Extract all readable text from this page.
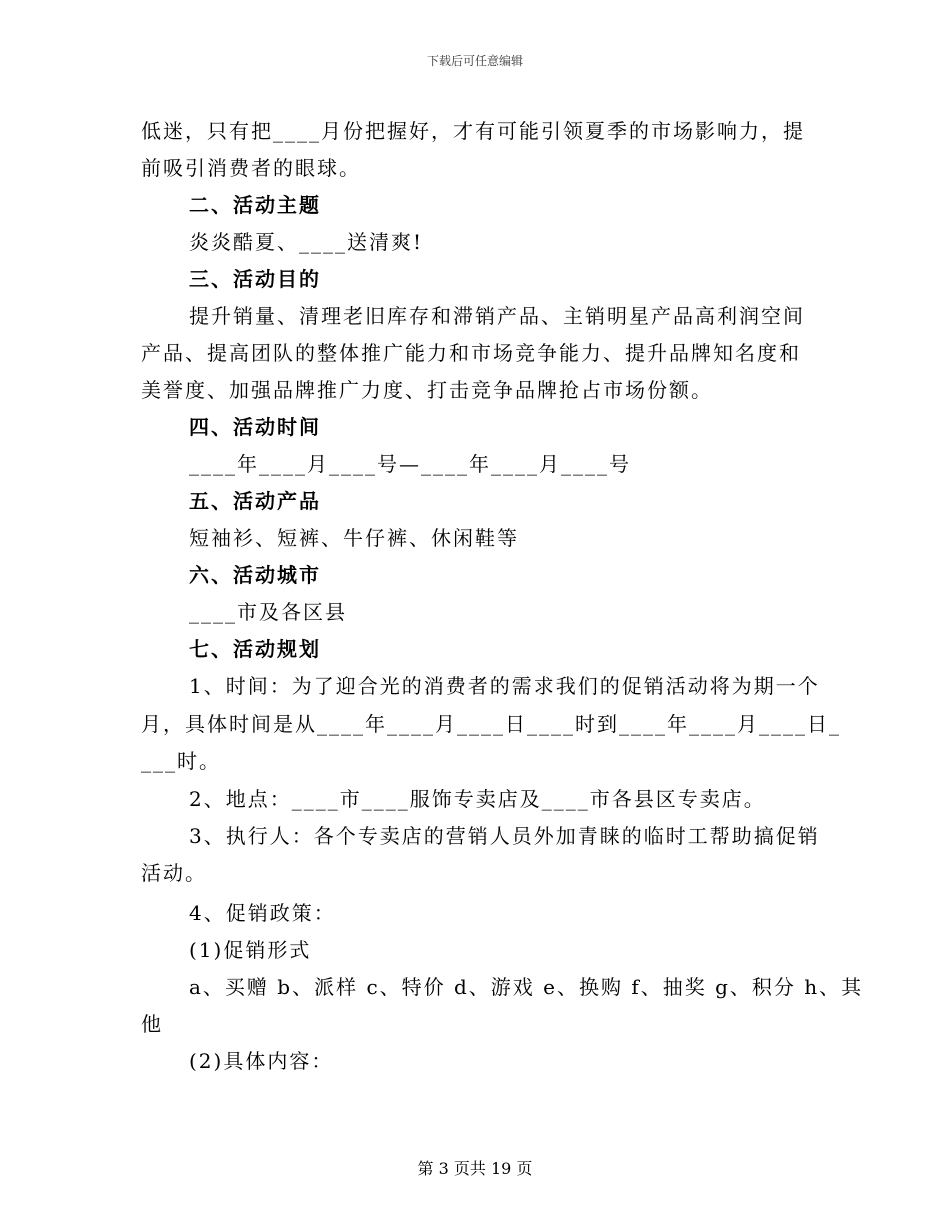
下载后可任意编辑
低迷，只有把____月份把握好，才有可能引领夏季的市场影响力，提
前吸引消费者的眼球。
二、活动主题
炎炎酷夏、____送清爽!
三、活动目的
提升销量、清理老旧库存和滞销产品、主销明星产品高利润空间
产品、提高团队的整体推广能力和市场竞争能力、提升品牌知名度和
美誉度、加强品牌推广力度、打击竞争品牌抢占市场份额。
四、活动时间
____年____月____号—____年____月____号
五、活动产品
短袖衫、短裤、牛仔裤、休闲鞋等
六、活动城市
____市及各区县
七、活动规划
1、时间：为了迎合光的消费者的需求我们的促销活动将为期一个
月，具体时间是从____年____月____日____时到____年____月____日_
___时。
2、地点：____市____服饰专卖店及____市各县区专卖店。
3、执行人：各个专卖店的营销人员外加青睐的临时工帮助搞促销
活动。
4、促销政策：
(1)促销形式
a、买赠 b、派样 c、特价 d、游戏 e、换购 f、抽奖 g、积分 h、其
他
(2)具体内容：
第 3 页共 19 页
